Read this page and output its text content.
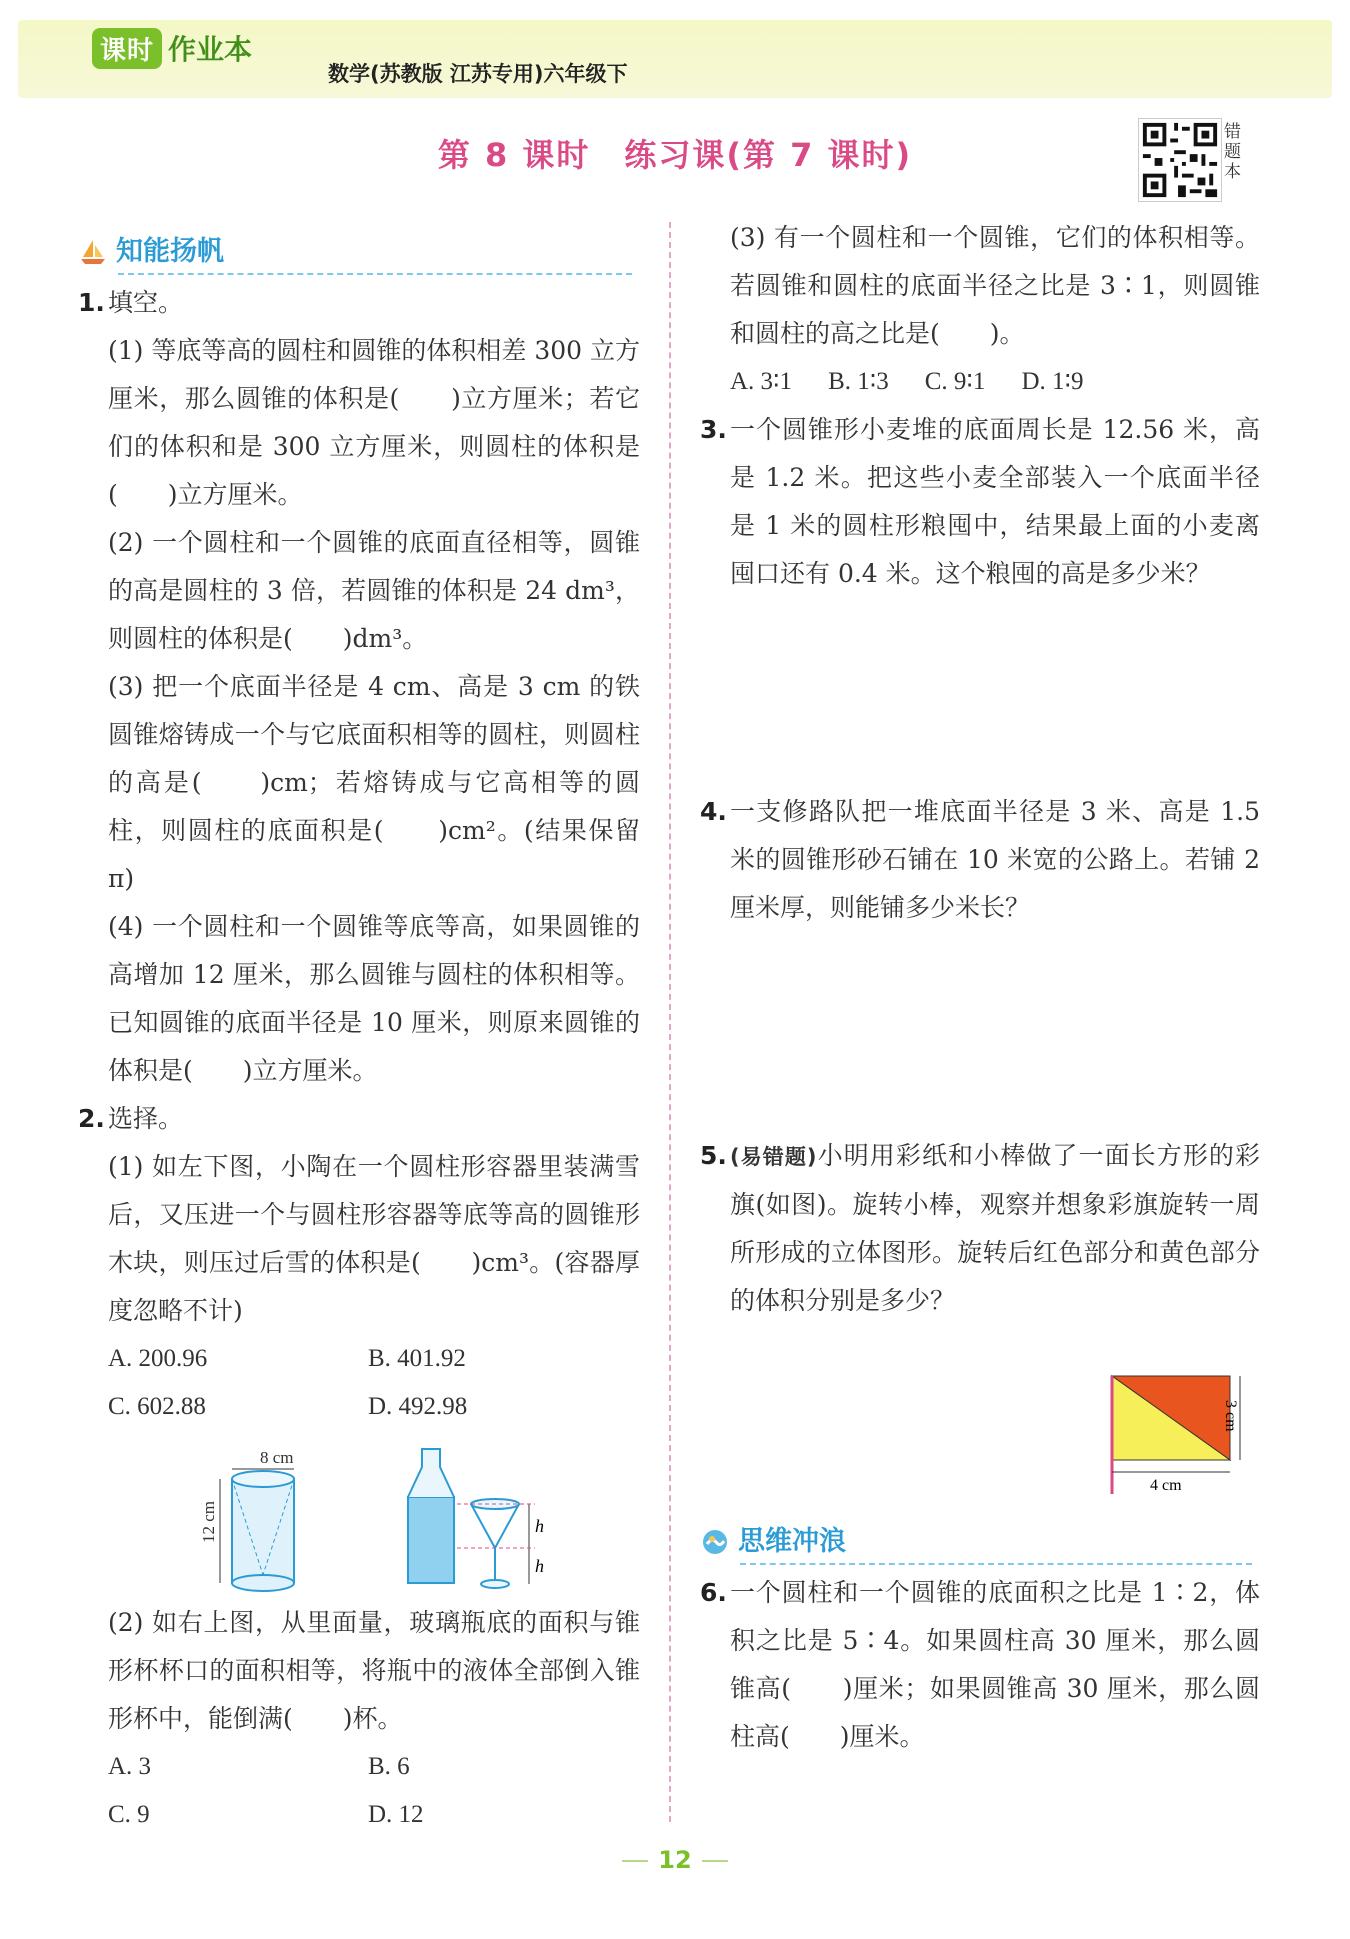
课时 作业本
数学(苏教版 江苏专用)六年级下
第 8 课时　练习课(第 7 课时)
错题本
知能扬帆
1. 填空。
(1) 等底等高的圆柱和圆锥的体积相差 300 立方厘米，那么圆锥的体积是(　　)立方厘米；若它们的体积和是 300 立方厘米，则圆柱的体积是(　　)立方厘米。
(2) 一个圆柱和一个圆锥的底面直径相等，圆锥的高是圆柱的 3 倍，若圆锥的体积是 24 dm³，则圆柱的体积是(　　)dm³。
(3) 把一个底面半径是 4 cm、高是 3 cm 的铁圆锥熔铸成一个与它底面积相等的圆柱，则圆柱的高是(　　)cm；若熔铸成与它高相等的圆柱，则圆柱的底面积是(　　)cm²。(结果保留 π)
(4) 一个圆柱和一个圆锥等底等高，如果圆锥的高增加 12 厘米，那么圆锥与圆柱的体积相等。已知圆锥的底面半径是 10 厘米，则原来圆锥的体积是(　　)立方厘米。
2. 选择。
(1) 如左下图，小陶在一个圆柱形容器里装满雪后，又压进一个与圆柱形容器等底等高的圆锥形木块，则压过后雪的体积是(　　)cm³。(容器厚度忽略不计)
A. 200.96	B. 401.92
C. 602.88	D. 492.98
(2) 如右上图，从里面量，玻璃瓶底的面积与锥形杯杯口的面积相等，将瓶中的液体全部倒入锥形杯中，能倒满(　　)杯。
A. 3	B. 6
C. 9	D. 12
8 cm
12 cm	h
h
(3) 有一个圆柱和一个圆锥，它们的体积相等。若圆锥和圆柱的底面半径之比是 3∶1，则圆锥和圆柱的高之比是(　　)。
A. 3∶1 B. 1∶3 C. 9∶1 D. 1∶9
3. 一个圆锥形小麦堆的底面周长是 12.56 米，高是 1.2 米。把这些小麦全部装入一个底面半径是 1 米的圆柱形粮囤中，结果最上面的小麦离囤口还有 0.4 米。这个粮囤的高是多少米？
4. 一支修路队把一堆底面半径是 3 米、高是 1.5 米的圆锥形砂石铺在 10 米宽的公路上。若铺 2 厘米厚，则能铺多少米长？
5. (易错题)小明用彩纸和小棒做了一面长方形的彩旗(如图)。旋转小棒，观察并想象彩旗旋转一周所形成的立体图形。旋转后红色部分和黄色部分的体积分别是多少？
思维冲浪
6. 一个圆柱和一个圆锥的底面积之比是 1∶2，体积之比是 5∶4。如果圆柱高 30 厘米，那么圆锥高(　　)厘米；如果圆锥高 30 厘米，那么圆柱高(　　)厘米。
3 cm
4 cm
12
